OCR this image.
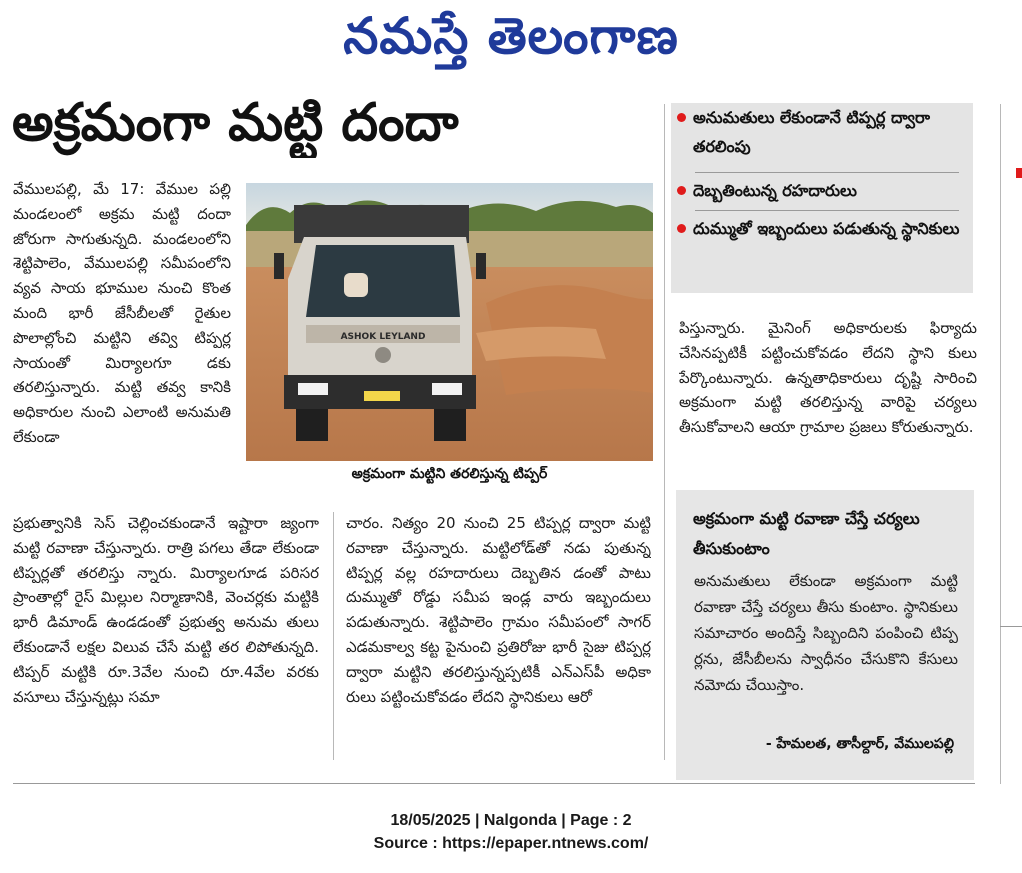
నమస్తే తెలంగాణ
అక్రమంగా మట్టి దందా

వేములపల్లి, మే 17: వేముల పల్లి మండలంలో అక్రమ మట్టి దందా జోరుగా సాగుతున్నది. మండలంలోని శెట్టిపాలెం, వేములపల్లి సమీపంలోని వ్యవ సాయ భూముల నుంచి కొంత మంది భారీ జేసీబీలతో రైతుల పొలాల్లోంచి మట్టిని తవ్వి టిప్పర్ల సాయంతో మిర్యాలగూ డకు తరలిస్తున్నారు. మట్టి తవ్వ కానికి అధికారుల నుంచి ఎలాంటి అనుమతి లేకుండా

ASHOK LEYLAND
అక్రమంగా మట్టిని తరలిస్తున్న టిప్పర్
అనుమతులు లేకుండానే టిప్పర్ల ద్వారా తరలింపు
దెబ్బతింటున్న రహదారులు
దుమ్ముతో ఇబ్బందులు పడుతున్న స్థానికులు

పిస్తున్నారు. మైనింగ్ అధికారులకు ఫిర్యాదు చేసినప్పటికీ పట్టించుకోవడం లేదని స్థాని కులు పేర్కొంటున్నారు. ఉన్నతాధికారులు దృష్టి సారించి అక్రమంగా మట్టి తరలిస్తున్న వారిపై చర్యలు తీసుకోవాలని ఆయా గ్రామాల ప్రజలు కోరుతున్నారు.

ప్రభుత్వానికి సెస్ చెల్లించకుండానే ఇష్టారా జ్యంగా మట్టి రవాణా చేస్తున్నారు. రాత్రి పగలు తేడా లేకుండా టిప్పర్లతో తరలిస్తు న్నారు. మిర్యాలగూడ పరిసర ప్రాంతాల్లో రైస్ మిల్లుల నిర్మాణానికి, వెంచర్లకు మట్టికి భారీ డిమాండ్ ఉండడంతో ప్రభుత్వ అనుమ తులు లేకుండానే లక్షల విలువ చేసే మట్టి తర లిపోతున్నది. టిప్పర్ మట్టికి రూ.3వేల నుంచి రూ.4వేల వరకు వసూలు చేస్తున్నట్లు సమా

చారం. నిత్యం 20 నుంచి 25 టిప్పర్ల ద్వారా మట్టి రవాణా చేస్తున్నారు. మట్టిలోడ్‌తో నడు పుతున్న టిప్పర్ల వల్ల రహదారులు దెబ్బతిన డంతో పాటు దుమ్ముతో రోడ్డు సమీప ఇండ్ల వారు ఇబ్బందులు పడుతున్నారు. శెట్టిపాలెం గ్రామం సమీపంలో సాగర్ ఎడమకాల్వ కట్ట పైనుంచి ప్రతిరోజు భారీ సైజు టిప్పర్ల ద్వారా మట్టిని తరలిస్తున్నప్పటికీ ఎన్‌ఎస్‌పీ అధికా రులు పట్టించుకోవడం లేదని స్థానికులు ఆరో

అక్రమంగా మట్టి రవాణా చేస్తే చర్యలు తీసుకుంటాం

అనుమతులు లేకుండా అక్రమంగా మట్టి రవాణా చేస్తే చర్యలు తీసు కుంటాం. స్థానికులు సమాచారం అందిస్తే సిబ్బందిని పంపించి టిప్ప ర్లను, జేసీబీలను స్వాధీనం చేసుకొని కేసులు నమోదు చేయిస్తాం.

- హేమలత, తాసీల్దార్, వేములపల్లి
18/05/2025 | Nalgonda | Page : 2
Source : https://epaper.ntnews.com/
